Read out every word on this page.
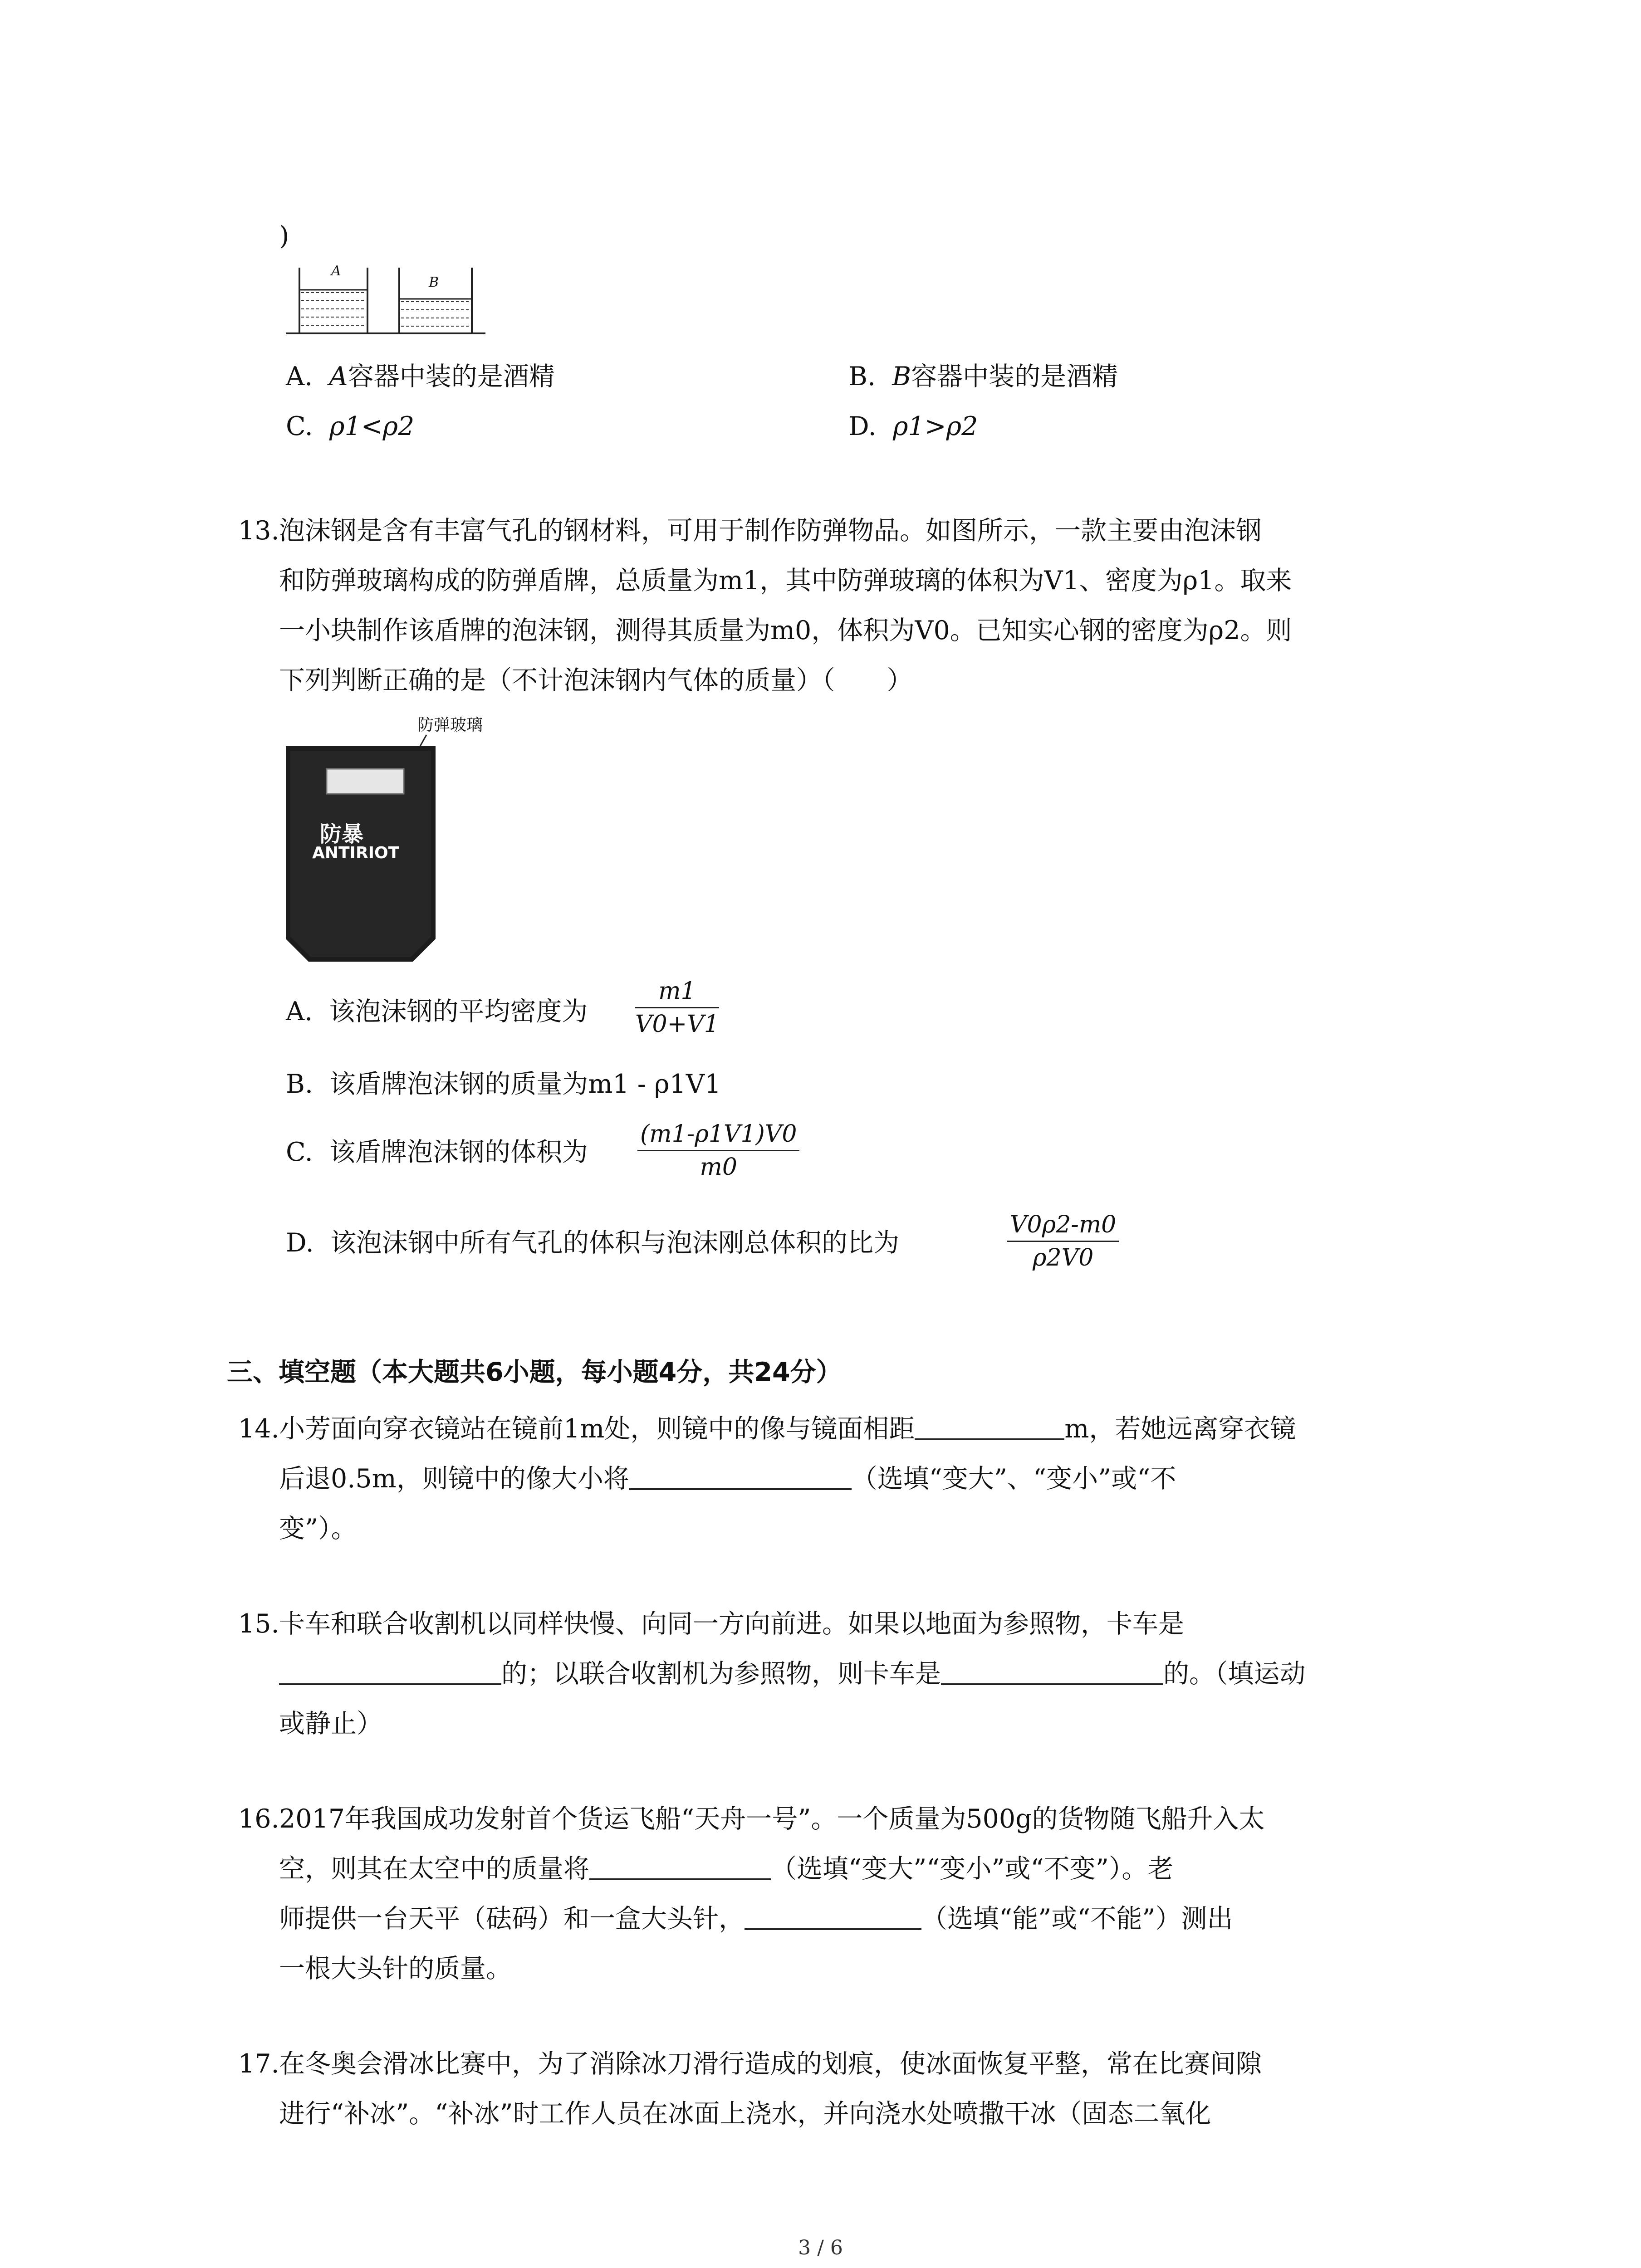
)
A
B
A. A容器中装的是酒精	B. B容器中装的是酒精
C. ρ1<ρ2	D. ρ1>ρ2
13. 泡沫钢是含有丰富气孔的钢材料，可用于制作防弹物品。如图所示，一款主要由泡沫钢
和防弹玻璃构成的防弹盾牌，总质量为m1，其中防弹玻璃的体积为V1、密度为ρ1。取来
一小块制作该盾牌的泡沫钢，测得其质量为m0，体积为V0。已知实心钢的密度为ρ2。则
下列判断正确的是（不计泡沫钢内气体的质量）（　　）
防弹玻璃
防暴
ANTIRIOT
A. 该泡沫钢的平均密度为 $\frac{m1}{V0+V1}$
B. 该盾牌泡沫钢的质量为m1 - ρ1V1
C. 该盾牌泡沫钢的体积为 $\frac{(m1-\rho 1V1)V0}{m0}$
D. 该泡沫钢中所有气孔的体积与泡沫刚总体积的比为	$\frac{V0\rho 2-m0}{\rho 2V0}$
三、填空题（本大题共6小题，每小题4分，共24分）
14. 小芳面向穿衣镜站在镜前1m处，则镜中的像与镜面相距	m，若她远离穿衣镜
后退0.5m，则镜中的像大小将	（选填“变大”、“变小”或“不
变”）。
15. 卡车和联合收割机以同样快慢、向同一方向前进。如果以地面为参照物，卡车是
的；以联合收割机为参照物，则卡车是	的。（填运动
或静止）
16. 2017年我国成功发射首个货运飞船“天舟一号”。一个质量为500g的货物随飞船升入太
空，则其在太空中的质量将	（选填“变大”“变小”或“不变”）。老
师提供一台天平（砝码）和一盒大头针，	（选填“能”或“不能”）测出
一根大头针的质量。
17. 在冬奥会滑冰比赛中，为了消除冰刀滑行造成的划痕，使冰面恢复平整，常在比赛间隙
进行“补冰”。“补冰”时工作人员在冰面上浇水，并向浇水处喷撒干冰（固态二氧化
3 / 6
